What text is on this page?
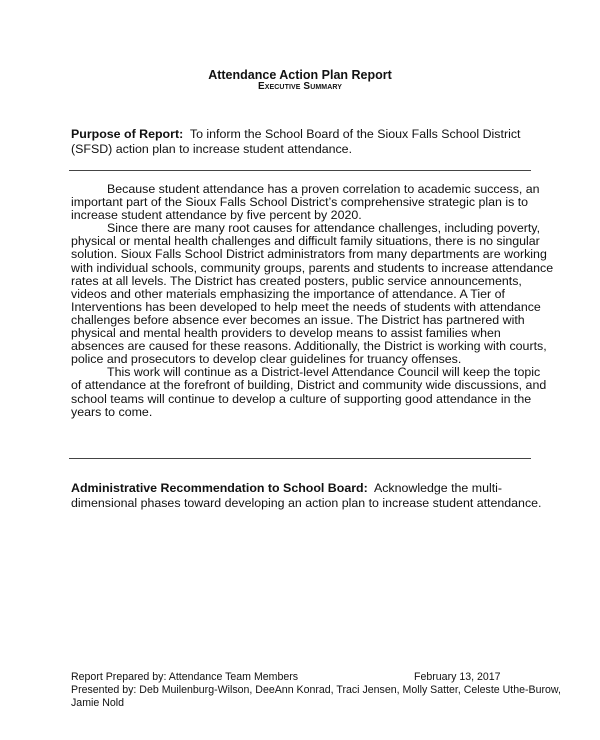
Attendance Action Plan Report
Executive Summary
Purpose of Report: To inform the School Board of the Sioux Falls School District
(SFSD) action plan to increase student attendance.
Because student attendance has a proven correlation to academic success, an
important part of the Sioux Falls School District’s comprehensive strategic plan is to
increase student attendance by five percent by 2020.
Since there are many root causes for attendance challenges, including poverty,
physical or mental health challenges and difficult family situations, there is no singular
solution. Sioux Falls School District administrators from many departments are working
with individual schools, community groups, parents and students to increase attendance
rates at all levels. The District has created posters, public service announcements,
videos and other materials emphasizing the importance of attendance. A Tier of
Interventions has been developed to help meet the needs of students with attendance
challenges before absence ever becomes an issue. The District has partnered with
physical and mental health providers to develop means to assist families when
absences are caused for these reasons. Additionally, the District is working with courts,
police and prosecutors to develop clear guidelines for truancy offenses.
This work will continue as a District-level Attendance Council will keep the topic
of attendance at the forefront of building, District and community wide discussions, and
school teams will continue to develop a culture of supporting good attendance in the
years to come.
Administrative Recommendation to School Board: Acknowledge the multi-
dimensional phases toward developing an action plan to increase student attendance.
Report Prepared by: Attendance Team Members	February 13, 2017
Presented by: Deb Muilenburg-Wilson, DeeAnn Konrad, Traci Jensen, Molly Satter, Celeste Uthe-Burow,
Jamie Nold
